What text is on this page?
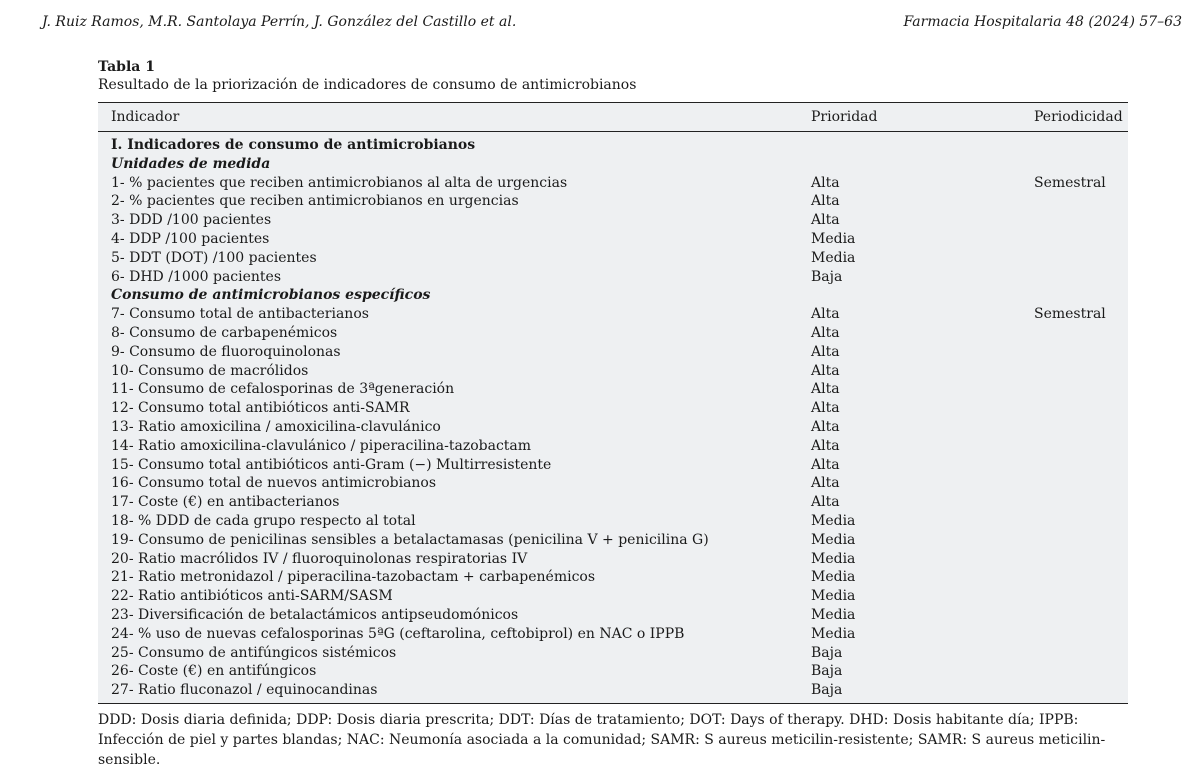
J. Ruiz Ramos, M.R. Santolaya Perrín, J. González del Castillo et al.	Farmacia Hospitalaria 48 (2024) 57–63
Tabla 1
Resultado de la priorización de indicadores de consumo de antimicrobianos
Indicador	Prioridad	Periodicidad
I. Indicadores de consumo de antimicrobianos
Unidades de medida
1- % pacientes que reciben antimicrobianos al alta de urgencias	Alta	Semestral
2- % pacientes que reciben antimicrobianos en urgencias	Alta
3- DDD /100 pacientes	Alta
4- DDP /100 pacientes	Media
5- DDT (DOT) /100 pacientes	Media
6- DHD /1000 pacientes	Baja
Consumo de antimicrobianos específicos
7- Consumo total de antibacterianos	Alta	Semestral
8- Consumo de carbapenémicos	Alta
9- Consumo de fluoroquinolonas	Alta
10- Consumo de macrólidos	Alta
11- Consumo de cefalosporinas de 3ªgeneración	Alta
12- Consumo total antibióticos anti-SAMR	Alta
13- Ratio amoxicilina / amoxicilina-clavulánico	Alta
14- Ratio amoxicilina-clavulánico / piperacilina-tazobactam	Alta
15- Consumo total antibióticos anti-Gram (−) Multirresistente	Alta
16- Consumo total de nuevos antimicrobianos	Alta
17- Coste (€) en antibacterianos	Alta
18- % DDD de cada grupo respecto al total	Media
19- Consumo de penicilinas sensibles a betalactamasas (penicilina V + penicilina G)	Media
20- Ratio macrólidos IV / fluoroquinolonas respiratorias IV	Media
21- Ratio metronidazol / piperacilina-tazobactam + carbapenémicos	Media
22- Ratio antibióticos anti-SARM/SASM	Media
23- Diversificación de betalactámicos antipseudomónicos	Media
24- % uso de nuevas cefalosporinas 5ªG (ceftarolina, ceftobiprol) en NAC o IPPB	Media
25- Consumo de antifúngicos sistémicos	Baja
26- Coste (€) en antifúngicos	Baja
27- Ratio fluconazol / equinocandinas	Baja
DDD: Dosis diaria definida; DDP: Dosis diaria prescrita; DDT: Días de tratamiento; DOT: Days of therapy. DHD: Dosis habitante día; IPPB: Infección de piel y partes blandas; NAC: Neumonía asociada a la comunidad; SAMR: S aureus meticilin-resistente; SAMR: S aureus meticilin-sensible.
